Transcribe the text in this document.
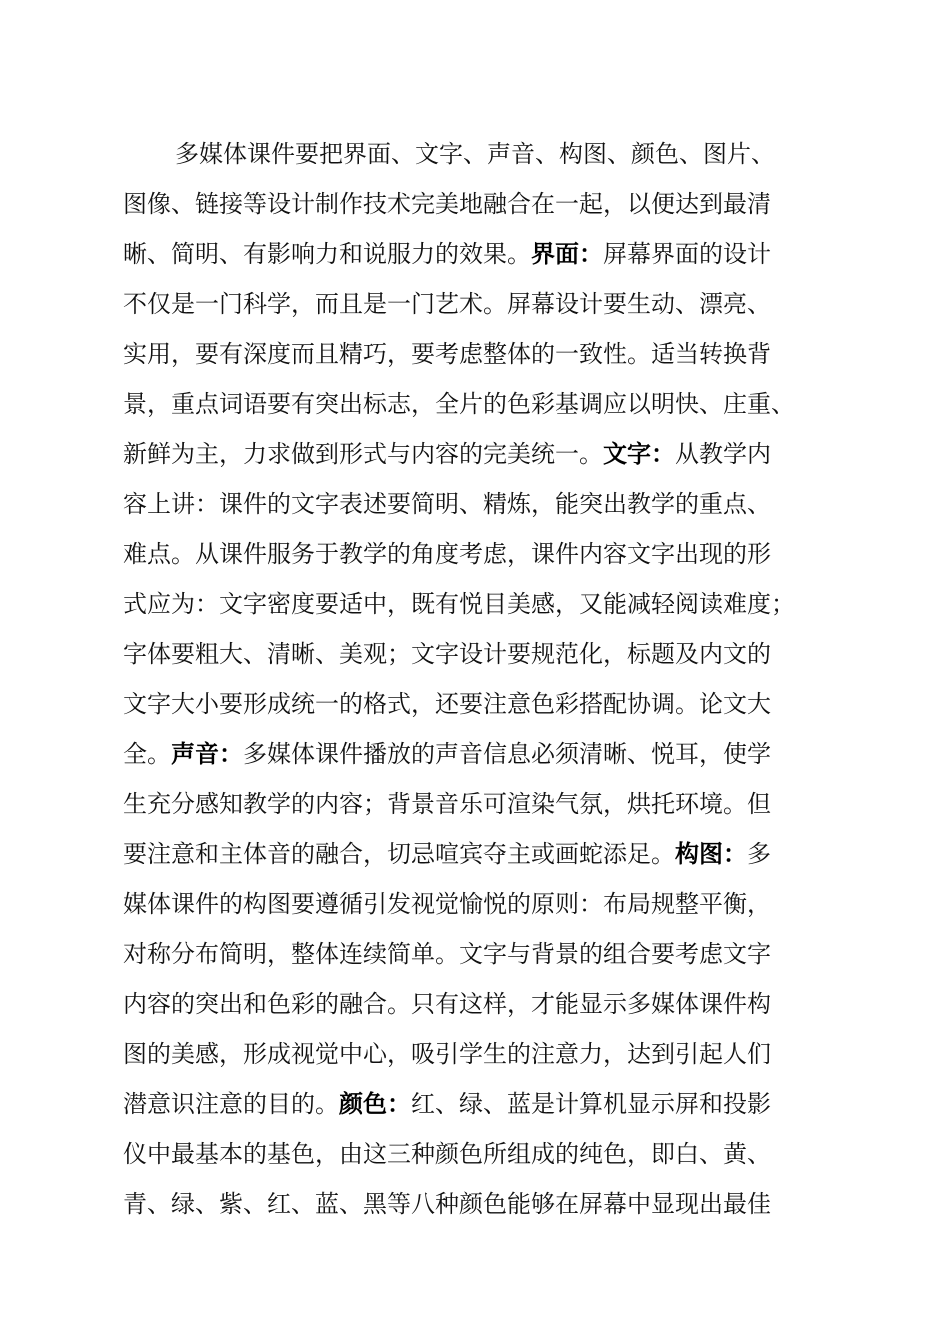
多媒体课件要把界面、文字、声音、构图、颜色、图片、
图像、链接等设计制作技术完美地融合在一起，以便达到最清
晰、简明、有影响力和说服力的效果。界面：屏幕界面的设计
不仅是一门科学，而且是一门艺术。屏幕设计要生动、漂亮、
实用，要有深度而且精巧，要考虑整体的一致性。适当转换背
景，重点词语要有突出标志，全片的色彩基调应以明快、庄重、
新鲜为主，力求做到形式与内容的完美统一。文字：从教学内
容上讲：课件的文字表述要简明、精炼，能突出教学的重点、
难点。从课件服务于教学的角度考虑，课件内容文字出现的形
式应为：文字密度要适中，既有悦目美感，又能减轻阅读难度；
字体要粗大、清晰、美观；文字设计要规范化，标题及内文的
文字大小要形成统一的格式，还要注意色彩搭配协调。论文大
全。声音：多媒体课件播放的声音信息必须清晰、悦耳，使学
生充分感知教学的内容；背景音乐可渲染气氛，烘托环境。但
要注意和主体音的融合，切忌喧宾夺主或画蛇添足。构图：多
媒体课件的构图要遵循引发视觉愉悦的原则：布局规整平衡，
对称分布简明，整体连续简单。文字与背景的组合要考虑文字
内容的突出和色彩的融合。只有这样，才能显示多媒体课件构
图的美感，形成视觉中心，吸引学生的注意力，达到引起人们
潜意识注意的目的。颜色：红、绿、蓝是计算机显示屏和投影
仪中最基本的基色，由这三种颜色所组成的纯色，即白、黄、
青、绿、紫、红、蓝、黑等八种颜色能够在屏幕中显现出最佳
